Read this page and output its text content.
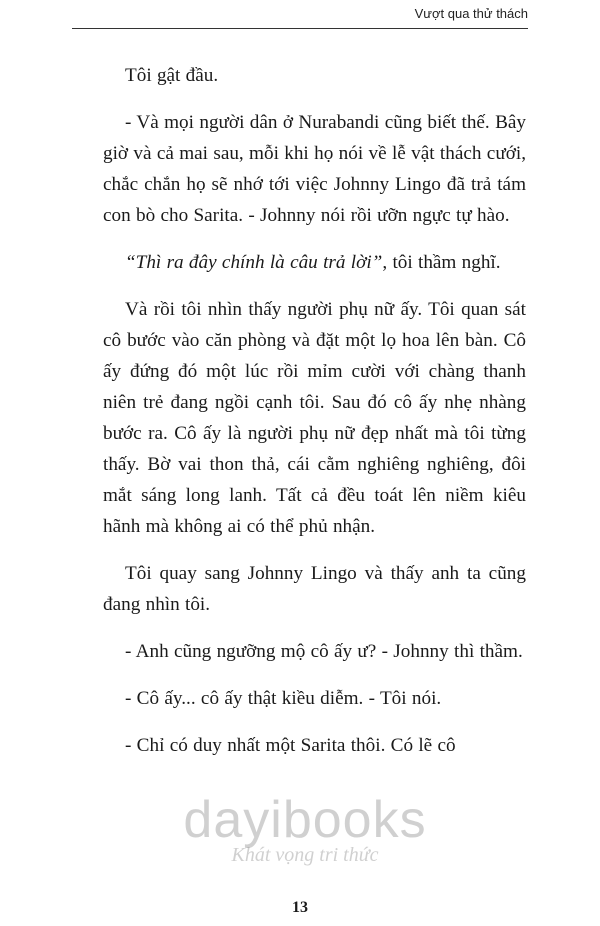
Vượt qua thử thách

Tôi gật đầu.

- Và mọi người dân ở Nurabandi cũng biết thế. Bây giờ và cả mai sau, mỗi khi họ nói về lễ vật thách cưới, chắc chắn họ sẽ nhớ tới việc Johnny Lingo đã trả tám con bò cho Sarita. - Johnny nói rồi ưỡn ngực tự hào.

“Thì ra đây chính là câu trả lời”, tôi thầm nghĩ.

Và rồi tôi nhìn thấy người phụ nữ ấy. Tôi quan sát cô bước vào căn phòng và đặt một lọ hoa lên bàn. Cô ấy đứng đó một lúc rồi mỉm cười với chàng thanh niên trẻ đang ngồi cạnh tôi. Sau đó cô ấy nhẹ nhàng bước ra. Cô ấy là người phụ nữ đẹp nhất mà tôi từng thấy. Bờ vai thon thả, cái cằm nghiêng nghiêng, đôi mắt sáng long lanh. Tất cả đều toát lên niềm kiêu hãnh mà không ai có thể phủ nhận.

Tôi quay sang Johnny Lingo và thấy anh ta cũng đang nhìn tôi.

- Anh cũng ngưỡng mộ cô ấy ư? - Johnny thì thầm.

- Cô ấy... cô ấy thật kiều diễm. - Tôi nói.

- Chỉ có duy nhất một Sarita thôi. Có lẽ cô

dayibooks
Khát vọng tri thức
13
